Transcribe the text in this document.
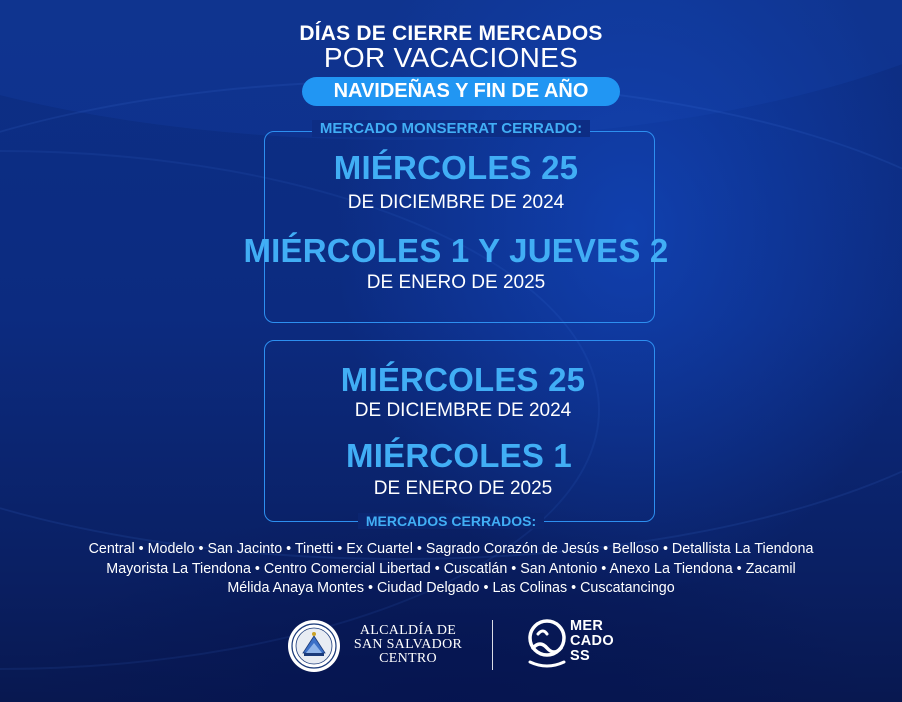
DÍAS DE CIERRE MERCADOS
POR VACACIONES
NAVIDEÑAS Y FIN DE AÑO
MERCADO MONSERRAT CERRADO:
MIÉRCOLES 25
DE DICIEMBRE DE 2024
MIÉRCOLES 1 Y JUEVES 2
DE ENERO DE 2025
MIÉRCOLES 25
DE DICIEMBRE DE 2024
MIÉRCOLES 1
DE ENERO DE 2025
MERCADOS CERRADOS:
Central • Modelo • San Jacinto • Tinetti • Ex Cuartel • Sagrado Corazón de Jesús • Belloso • Detallista La Tiendona
Mayorista La Tiendona • Centro Comercial Libertad • Cuscatlán • San Antonio • Anexo La Tiendona • Zacamil
Mélida Anaya Montes • Ciudad Delgado • Las Colinas • Cuscatancingo
ALCALDÍA DE
SAN SALVADOR
CENTRO
MER
CADO
SS
